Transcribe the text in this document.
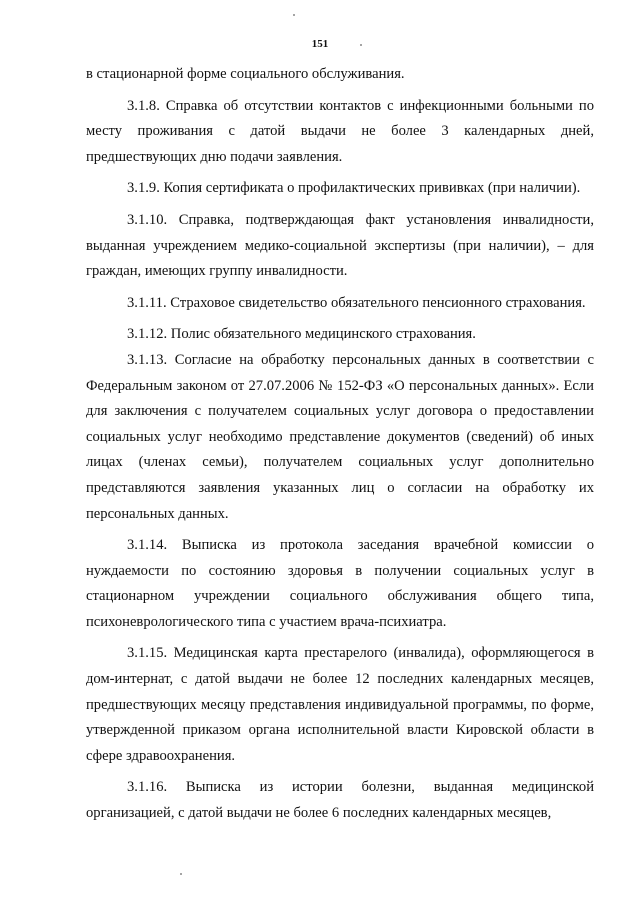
151

в стационарной форме социального обслуживания.

3.1.8. Справка об отсутствии контактов с инфекционными больными по месту проживания с датой выдачи не более 3 календарных дней, предшествующих дню подачи заявления.

3.1.9. Копия сертификата о профилактических прививках (при наличии).

3.1.10. Справка, подтверждающая факт установления инвалидности, выданная учреждением медико-социальной экспертизы (при наличии), – для граждан, имеющих группу инвалидности.

3.1.11. Страховое свидетельство обязательного пенсионного страхования.

3.1.12. Полис обязательного медицинского страхования.

3.1.13. Согласие на обработку персональных данных в соответствии с Федеральным законом от 27.07.2006 № 152-ФЗ «О персональных данных». Если для заключения с получателем социальных услуг договора о предоставлении социальных услуг необходимо представление документов (сведений) об иных лицах (членах семьи), получателем социальных услуг дополнительно представляются заявления указанных лиц о согласии на обработку их персональных данных.

3.1.14. Выписка из протокола заседания врачебной комиссии о нуждаемости по состоянию здоровья в получении социальных услуг в стационарном учреждении социального обслуживания общего типа, психоневрологического типа с участием врача-психиатра.

3.1.15. Медицинская карта престарелого (инвалида), оформляющегося в дом-интернат, с датой выдачи не более 12 последних календарных месяцев, предшествующих месяцу представления индивидуальной программы, по форме, утвержденной приказом органа исполнительной власти Кировской области в сфере здравоохранения.

3.1.16. Выписка из истории болезни, выданная медицинской организацией, с датой выдачи не более 6 последних календарных месяцев,
